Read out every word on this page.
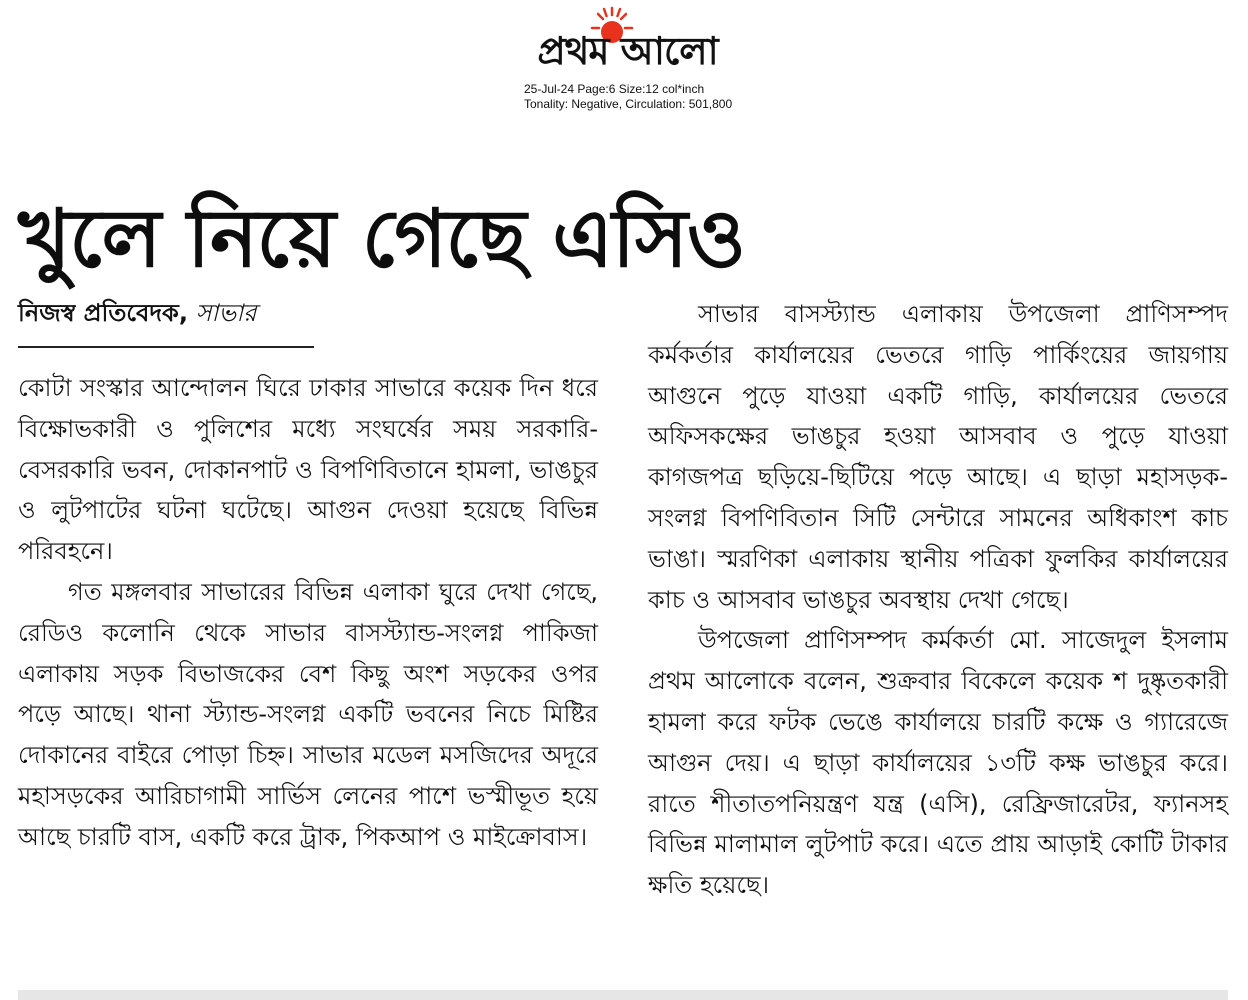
প্রথম আলো
25-Jul-24 Page:6 Size:12 col*inch
Tonality: Negative, Circulation: 501,800
খুলে নিয়ে গেছে এসিও
নিজস্ব প্রতিবেদক, সাভার

কোটা সংস্কার আন্দোলন ঘিরে ঢাকার সাভারে কয়েক দিন ধরে বিক্ষোভকারী ও পুলিশের মধ্যে সংঘর্ষের সময় সরকারি-বেসরকারি ভবন, দোকানপাট ও বিপণিবিতানে হামলা, ভাঙচুর ও লুটপাটের ঘটনা ঘটেছে। আগুন দেওয়া হয়েছে বিভিন্ন পরিবহনে।

গত মঙ্গলবার সাভারের বিভিন্ন এলাকা ঘুরে দেখা গেছে, রেডিও কলোনি থেকে সাভার বাসস্ট্যান্ড-সংলগ্ন পাকিজা এলাকায় সড়ক বিভাজকের বেশ কিছু অংশ সড়কের ওপর পড়ে আছে। থানা স্ট্যান্ড-সংলগ্ন একটি ভবনের নিচে মিষ্টির দোকানের বাইরে পোড়া চিহ্ন। সাভার মডেল মসজিদের অদূরে মহাসড়কের আরিচাগামী সার্ভিস লেনের পাশে ভস্মীভূত হয়ে আছে চারটি বাস, একটি করে ট্রাক, পিকআপ ও মাইক্রোবাস।

সাভার বাসস্ট্যান্ড এলাকায় উপজেলা প্রাণিসম্পদ কর্মকর্তার কার্যালয়ের ভেতরে গাড়ি পার্কিংয়ের জায়গায় আগুনে পুড়ে যাওয়া একটি গাড়ি, কার্যালয়ের ভেতরে অফিসকক্ষের ভাঙচুর হওয়া আসবাব ও পুড়ে যাওয়া কাগজপত্র ছড়িয়ে-ছিটিয়ে পড়ে আছে। এ ছাড়া মহাসড়ক-সংলগ্ন বিপণিবিতান সিটি সেন্টারে সামনের অধিকাংশ কাচ ভাঙা। স্মরণিকা এলাকায় স্থানীয় পত্রিকা ফুলকির কার্যালয়ের কাচ ও আসবাব ভাঙচুর অবস্থায় দেখা গেছে।

উপজেলা প্রাণিসম্পদ কর্মকর্তা মো. সাজেদুল ইসলাম প্রথম আলোকে বলেন, শুক্রবার বিকেলে কয়েক শ দুষ্কৃতকারী হামলা করে ফটক ভেঙে কার্যালয়ে চারটি কক্ষে ও গ্যারেজে আগুন দেয়। এ ছাড়া কার্যালয়ের ১৩টি কক্ষ ভাঙচুর করে। রাতে শীতাতপনিয়ন্ত্রণ যন্ত্র (এসি), রেফ্রিজারেটর, ফ্যানসহ বিভিন্ন মালামাল লুটপাট করে। এতে প্রায় আড়াই কোটি টাকার ক্ষতি হয়েছে।
